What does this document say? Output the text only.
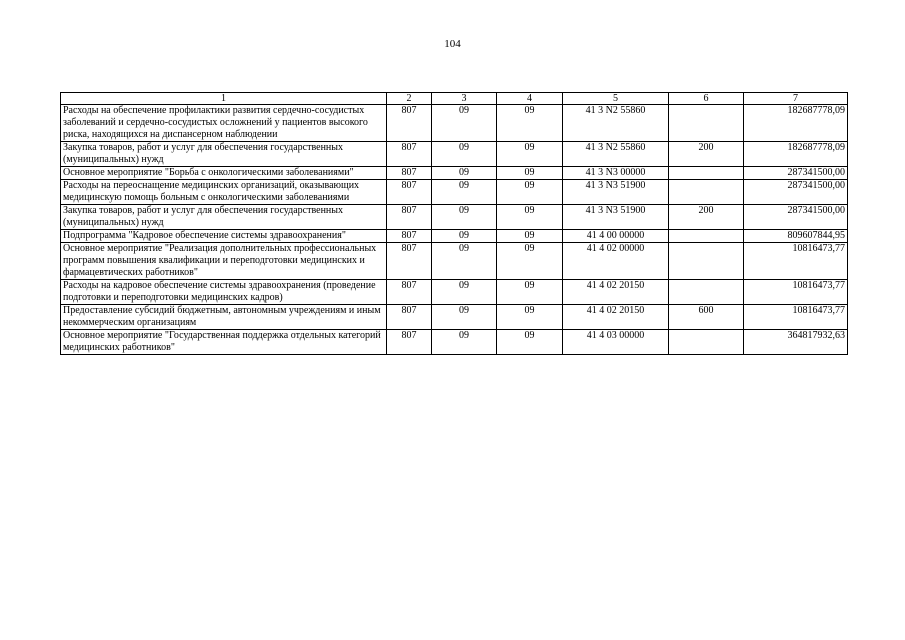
104
1	2	3	4	5	6	7
Расходы на обеспечение профилактики развития сердечно-сосудистых заболеваний и сердечно-сосудистых осложнений у пациентов высокого риска, находящихся на диспансерном наблюдении	807	09	09	41 3 N2 55860		182687778,09
Закупка товаров, работ и услуг для обеспечения государственных (муниципальных) нужд	807	09	09	41 3 N2 55860	200	182687778,09
Основное мероприятие "Борьба с онкологическими заболеваниями"	807	09	09	41 3 N3 00000		287341500,00
Расходы на переоснащение медицинских организаций, оказывающих медицинскую помощь больным с онкологическими заболеваниями	807	09	09	41 3 N3 51900		287341500,00
Закупка товаров, работ и услуг для обеспечения государственных (муниципальных) нужд	807	09	09	41 3 N3 51900	200	287341500,00
Подпрограмма "Кадровое обеспечение системы здравоохранения"	807	09	09	41 4 00 00000		809607844,95
Основное мероприятие "Реализация дополнительных профессиональных программ повышения квалификации и переподготовки медицинских и фармацевтических работников"	807	09	09	41 4 02 00000		10816473,77
Расходы на кадровое обеспечение системы здравоохранения (проведение подготовки и переподготовки медицинских кадров)	807	09	09	41 4 02 20150		10816473,77
Предоставление субсидий бюджетным, автономным учреждениям и иным некоммерческим организациям	807	09	09	41 4 02 20150	600	10816473,77
Основное мероприятие "Государственная поддержка отдельных категорий медицинских работников"	807	09	09	41 4 03 00000		364817932,63
